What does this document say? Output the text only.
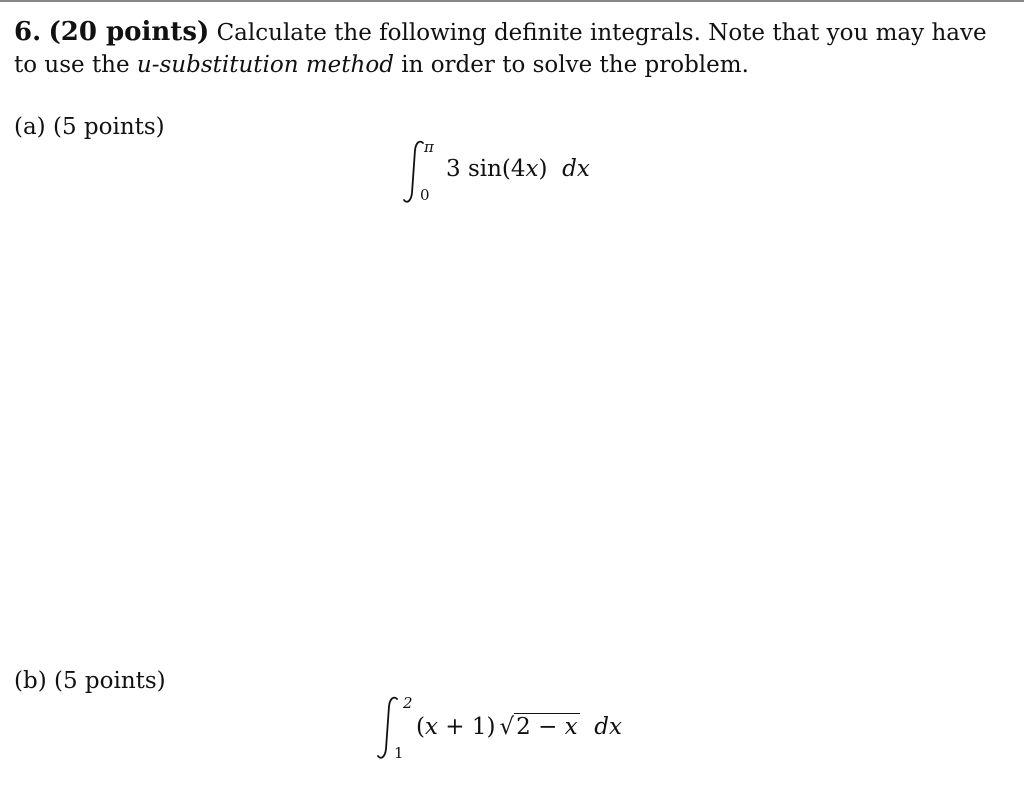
6. (20 points) Calculate the following definite integrals. Note that you may have to use the u-substitution method in order to solve the problem.
(a) (5 points)
π
0
3 sin(4x) dx
(b) (5 points)
2
1
(x + 1) √2 − x dx
